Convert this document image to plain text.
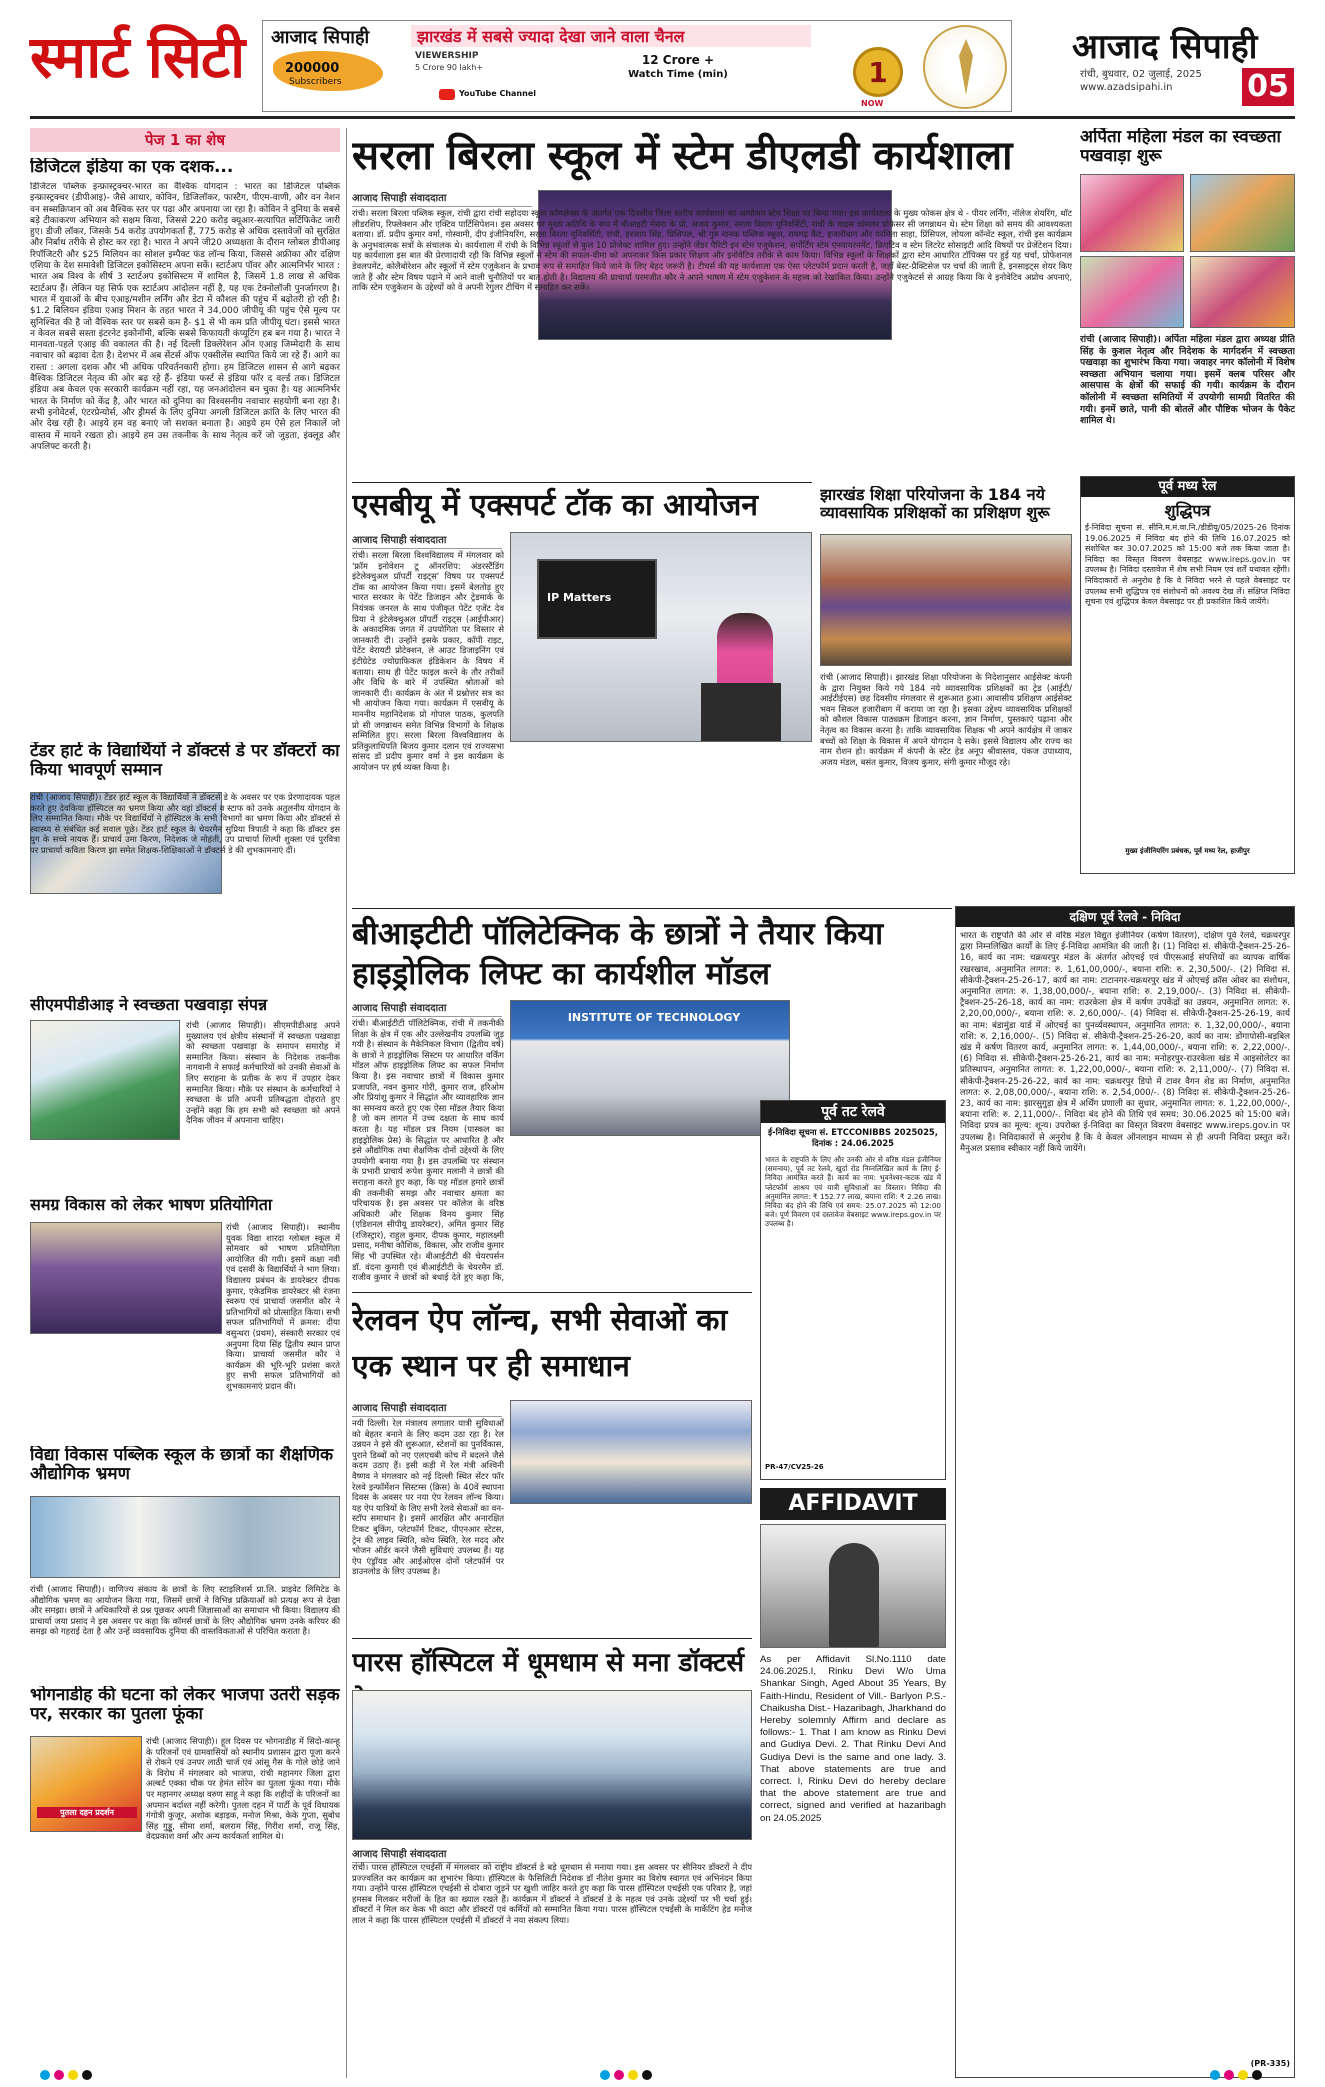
स्मार्ट सिटी	आजाद सिपाही	झारखंड में सबसे ज्यादा देखा जाने वाला चैनल
200000
Subscribers
VIEWERSHIP
5 Crore 90 lakh+
12 Crore +
Watch Time (min)
YouTube Channel
1
NOW
आजाद सिपाही
रांची, बुधवार, 02 जुलाई, 2025
www.azadsipahi.in	05
पेज 1 का शेष
डिजिटल इंडिया का एक दशक...
डिजिटल पब्लिक इन्फ्रास्ट्रक्चर-भारत का वैश्विक योगदान : भारत का डिजिटल पब्लिक इन्फ्रास्ट्रक्चर (डीपीआइ)- जैसे आधार, कोविन, डिजिलॉकर, फास्टैग, पीएम-वाणी, और वन नेशन वन सब्सक्रिप्शन को अब वैश्विक स्तर पर पढ़ा और अपनाया जा रहा है। कोविन ने दुनिया के सबसे बड़े टीकाकरण अभियान को सक्षम किया, जिससे 220 करोड़ क्यूआर-सत्यापित सर्टिफिकेट जारी हुए। डीजी लॉकर, जिसके 54 करोड़ उपयोगकर्ता हैं, 775 करोड़ से अधिक दस्तावेजों को सुरक्षित और निर्बाध तरीके से होस्ट कर रहा है। भारत ने अपने जी20 अध्यक्षता के दौरान ग्लोबल डीपीआइ रिपॉजिटरी और $25 मिलियन का सोशल इम्पैक्ट फंड लॉन्च किया, जिससे अफ्रीका और दक्षिण एशिया के देश समावेशी डिजिटल इकोसिस्टम अपना सकें। स्टार्टअप पॉवर और आत्मनिर्भर भारत : भारत अब विश्व के शीर्ष 3 स्टार्टअप इकोसिस्टम में शामिल है, जिसमें 1.8 लाख से अधिक स्टार्टअप हैं। लेकिन यह सिर्फ एक स्टार्टअप आंदोलन नहीं है, यह एक टेक्नोलॉजी पुनर्जागरण है। भारत में युवाओं के बीच एआइ/मशीन लर्निंग और डेटा में कौशल की पहुंच में बढ़ोतरी हो रही है। $1.2 बिलियन इंडिया एआइ मिशन के तहत भारत ने 34,000 जीपीयू की पहुंच ऐसे मूल्य पर सुनिश्चित की है जो वैश्विक स्तर पर सबसे कम है- $1 से भी कम प्रति जीपीयू घंटा। इससे भारत न केवल सबसे सस्ता इंटरनेट इकोनॉमी, बल्कि सबसे किफायती कंप्यूटिंग हब बन गया है। भारत ने मानवता-पहले एआइ की वकालत की है। नई दिल्ली डिक्लेरेशन ऑन एआइ जिम्मेदारी के साथ नवाचार को बढ़ावा देता है। देशभर में अब सेंटर्स ऑफ एक्सीलेंस स्थापित किये जा रहे हैं। आगे का रास्ता : अगला दशक और भी अधिक परिवर्तनकारी होगा। हम डिजिटल शासन से आगे बढ़कर वैश्विक डिजिटल नेतृत्व की ओर बढ़ रहे हैं- इंडिया फर्स्ट से इंडिया फॉर द वर्ल्ड तक। डिजिटल इंडिया अब केवल एक सरकारी कार्यक्रम नहीं रहा, यह जनआंदोलन बन चुका है। यह आत्मनिर्भर भारत के निर्माण को केंद्र है, और भारत को दुनिया का विश्वसनीय नवाचार सहयोगी बना रहा है। सभी इनोवेटर्स, एंटरप्रेन्योर्स, और ड्रीमर्स के लिए दुनिया अगली डिजिटल क्रांति के लिए भारत की ओर देख रही है। आइये हम वह बनाएं जो सशक्त बनाता है। आइये हम ऐसे हल निकालें जो वास्तव में मायने रखता हो। आइये हम उस तकनीक के साथ नेतृत्व करें जो जुड़ता, इंक्लूड और अपलिफ्ट करती है।
टेंडर हार्ट के विद्यार्थियों ने डॉक्टर्स डे पर डॉक्टरों का किया भावपूर्ण सम्मान
रांची (आजाद सिपाही)। टेंडर हार्ट स्कूल के विद्यार्थियों ने डॉक्टर्स डे के अवसर पर एक प्रेरणादायक पहल करते हुए देवकिया हॉस्पिटल का भ्रमण किया और वहां डॉक्टर्स व स्टाफ को उनके अतुलनीय योगदान के लिए सम्मानित किया। मौके पर विद्यार्थियों ने हॉस्पिटल के सभी विभागों का भ्रमण किया और डॉक्टर्स से स्वास्थ्य से संबंधित कई सवाल पूछे। टेंडर हार्ट स्कूल के चेयरमैन सुप्रिया त्रिपाठी ने कहा कि डॉक्टर इस युग के सच्चे नायक हैं। प्राचार्य उमा किरण, निदेशक जे मोहंती, उप प्राचार्या शिल्पी शुक्ला एवं पुरवित्रा पर प्राचार्या कविता किरण झा समेत शिक्षक-शिक्षिकाओं ने डॉक्टर्स डे की शुभकामनाएं दीं।
सीएमपीडीआइ ने स्वच्छता पखवाड़ा संपन्न
रांची (आजाद सिपाही)। सीएमपीडीआइ अपने मुख्यालय एवं क्षेत्रीय संस्थानों में स्वच्छता पखवाड़ा को स्वच्छता पखवाड़ा के समापन समारोह में सम्मानित किया। संस्थान के निदेशक तकनीक नागवानी ने सफाई कर्मचारियों को उनकी सेवाओं के लिए सराहना के प्रतीक के रूप में उपहार देकर सम्मानित किया। मौके पर संस्थान के कर्मचारियों ने स्वच्छता के प्रति अपनी प्रतिबद्धता दोहराते हुए उन्होंने कहा कि हम सभी को स्वच्छता को अपने दैनिक जीवन में अपनाना चाहिए।
समग्र विकास को लेकर भाषण प्रतियोगिता
रांची (आजाद सिपाही)। स्थानीय युवक विद्या शारदा ग्लोबल स्कूल में सोमवार को भाषण प्रतियोगिता आयोजित की गयी। इसमें कक्षा नवी एवं दसवीं के विद्यार्थियों ने भाग लिया। विद्यालय प्रबंधन के डायरेक्टर दीपक कुमार, एकेडमिक डायरेक्टर श्री रंजना स्वरूप एवं प्राचार्या जसमीत कौर ने प्रतिभागियों को प्रोत्साहित किया। सभी सफल प्रतिभागियों में क्रमश: दीया वसुन्धरा (प्रथम), संस्कारी सरकार एवं अनुपमा दिया सिंह द्वितीय स्थान प्राप्त किया। प्राचार्या जसमीत कौर ने कार्यक्रम की भूरि-भूरि प्रशंसा करते हुए सभी सफल प्रतिभागियों को शुभकामनाएं प्रदान कीं।
विद्या विकास पब्लिक स्कूल के छात्रों का शैक्षणिक औद्योगिक भ्रमण
रांची (आजाद सिपाही)। वाणिज्य संकाय के छात्रों के लिए स्टाइलिशर्स प्रा.लि. प्राइवेट लिमिटेड के औद्योगिक भ्रमण का आयोजन किया गया, जिसमें छात्रों ने विभिन्न प्रक्रियाओं को प्रत्यक्ष रूप से देखा और समझा। छात्रों ने अधिकारियों से प्रश्न पूछकर अपनी जिज्ञासाओं का समाधान भी किया। विद्यालय की प्राचार्या जया प्रसाद ने इस अवसर पर कहा कि कॉमर्स छात्रों के लिए औद्योगिक भ्रमण उनके करियर की समझ को गहराई देता है और उन्हें व्यवसायिक दुनिया की वास्तविकताओं से परिचित कराता है।
भोगनाडीह की घटना को लेकर भाजपा उतरी सड़क पर, सरकार का पुतला फूंका
पुतला दहन प्रदर्शन
रांची (आजाद सिपाही)। हूल दिवस पर भोगनाडीह में सिदो-कान्हू के परिजनों एवं ग्रामवासियों को स्थानीय प्रशासन द्वारा पूजा करने से रोकने एवं उनपर लाठी चार्ज एवं आंसू गैस के गोले छोड़े जाने के विरोध में मंगलवार को भाजपा, रांची महानगर जिला द्वारा अल्बर्ट एक्का चौक पर हेमंत सोरेन का पुतला फूंका गया। मौके पर महानगर अध्यक्ष वरुण साहू ने कहा कि शहीदों के परिजनों का अपमान बर्दाश्त नहीं करेगी। पुतला दहन में पार्टी के पूर्व विधायक गंगोत्री कुजूर, अशोक बड़ाइक, मनोज मिश्रा, केके गुप्ता, सुबोध सिंह गुड्डू, सीमा शर्मा, बलराम सिंह, गिरीश शर्मा, राजू सिंह, वेदप्रकाश वर्मा और अन्य कार्यकर्ता शामिल थे।
सरला बिरला स्कूल में स्टेम डीएलडी कार्यशाला
आजाद सिपाही संवाददाता
रांची। सरला बिरला पब्लिक स्कूल, रांची द्वारा रांची सहोदया स्कूल कॉम्प्लेक्स के अंतर्गत एक दिवसीय जिला स्तरीय कार्यशाला का आयोजन स्टेम शिक्षा पर किया गया। इस कार्यशाला के मुख्य फोकस क्षेत्र थे - पीयर लर्निंग, नॉलेज शेयरिंग, थॉट लीडरशिप, रिफ्लेक्शन और एक्टिव पार्टिसिपेशन। इस अवसर पर मुख्य अतिथि के रूप में बीआइटी मेसरा के प्रो. अजय कुमार, सरला बिरला यूनिवर्सिटी, रांची के वाइस चांसलर प्रोफेसर सी जगन्नाथन थे। स्टेम शिक्षा को समय की आवश्यकता बताया। डॉ. प्रदीप कुमार वर्मा, गोस्वामी, दीप इंजीनियरिंग, सरला बिरला यूनिवर्सिटी, रांची, हरजाप सिंह, प्रिंसिपल, श्री गुरु नानक पब्लिक स्कूल, रामगढ़ कैंट, हजारीबाग और परमिता साहा, प्रिंसिपल, लोयला कॉन्वेंट स्कूल, रांची इस कार्यक्रम के अनुभवात्मक सत्रों के संचालक थे। कार्यशाला में रांची के विभिन्न स्कूलों से कुल 10 प्रोजेक्ट शामिल हुए। उन्होंने जेंडर पैरिटी इन स्टेम एजुकेशन, सर्पोर्टिंग स्टेम एनवायरनमेंट, क्रिएटिव व स्टेम लिटरेट सोसाइटी आदि विषयों पर प्रेजेंटेशन दिया। यह कार्यशाला इस बात की प्रेरणादायी रही कि विभिन्न स्कूलों ने स्टेम की सफल-वीमा को अपनाकर किस प्रकार शिक्षण और इनोवेटिव तरीके से काम किया। विभिन्न स्कूलों के शिक्षकों द्वारा स्टेम आधारित टॉपिक्स पर हुई यह चर्चा, प्रोफेशनल डेवलपमेंट, कोलैबोरेशन और स्कूलों में स्टेम एजुकेशन के प्रभाव रूप से समाहित किये जाने के लिए बेहद जरूरी है। टीचर्स की यह कार्यशाला एक ऐसा प्लेटफॉर्म प्रदान करती है, जहाँ बेस्ट-प्रैक्टिसेज पर चर्चा की जाती है, इनसाइट्स शेयर किए जाते हैं और स्टेम विषय पढ़ाने में आने वाली चुनौतियों पर बात होती है। विद्यालय की प्राचार्या परमजीत कौर ने अपने भाषण में स्टेम एजुकेशन के महत्त्व को रेखांकित किया। उन्होंने एजुकेटर्स से आग्रह किया कि वे इनोवेटिव अप्रोच अपनाएं, ताकि स्टेम एजुकेशन के उद्देश्यों को वे अपनी रेगुलर टीचिंग में समाहित कर सकें।
अर्पिता महिला मंडल का स्वच्छता पखवाड़ा शुरू
रांची (आजाद सिपाही)। अर्पिता महिला मंडल द्वारा अध्यक्ष प्रीति सिंह के कुशल नेतृत्व और निदेशक के मार्गदर्शन में स्वच्छता पखवाड़ा का शुभारंभ किया गया। जवाहर नगर कॉलोनी में विशेष स्वच्छता अभियान चलाया गया। इसमें क्लब परिसर और आसपास के क्षेत्रों की सफाई की गयी। कार्यक्रम के दौरान कॉलोनी में स्वच्छता समितियों में उपयोगी सामग्री वितरित की गयी। इनमें छाते, पानी की बोतलें और पौष्टिक भोजन के पैकेट शामिल थे।
एसबीयू में एक्सपर्ट टॉक का आयोजन
आजाद सिपाही संवाददाता
IP Matters
रांची। सरला बिरला विश्वविद्यालय में मंगलवार को 'फ्रॉम इनोवेशन टू ऑनरशिप: अंडरस्टैंडिंग इंटेलेक्चुअल प्रॉपर्टी राइट्स' विषय पर एक्सपर्ट टॉक का आयोजन किया गया। इसमें बेलतोड़ हुए भारत सरकार के पेटेंट डिजाइन और ट्रेडमार्क के नियंत्रक जनरल के साथ पंजीकृत पेटेंट एजेंट देव प्रिया ने इंटेलेक्चुअल प्रॉपर्टी राइट्स (आईपीआर) के अकादमिक जगत में उपयोगिता पर विस्तार से जानकारी दी। उन्होंने इसके प्रकार, कॉपी राइट, पेटेंट वेरायटी प्रोटेक्शन, ले आउट डिजाइनिंग एवं इंटीग्रेटेड ज्योग्राफिकल इंडिकेशन के विषय में बताया। साथ ही पेटेंट फाइल करने के तौर तरीकों और विधि के बारे में उपस्थित श्रोताओं को जानकारी दी। कार्यक्रम के अंत में प्रश्नोत्तर सत्र का भी आयोजन किया गया। कार्यक्रम में एसबीयू के माननीय महानिदेशक प्रो गोपाल पाठक, कुलपति प्रो सी जगन्नाथन समेत विभिन्न विभागों के शिक्षक सम्मिलित हुए। सरला बिरला विश्वविद्यालय के प्रतिकुलाधिपति बिजय कुमार दलान एवं राज्यसभा सांसद डॉ प्रदीप कुमार वर्मा ने इस कार्यक्रम के आयोजन पर हर्ष व्यक्त किया है।
झारखंड शिक्षा परियोजना के 184 नये व्यावसायिक प्रशिक्षकों का प्रशिक्षण शुरू
रांची (आजाद सिपाही)। झारखंड शिक्षा परियोजना के निदेशानुसार आईसेक्ट कंपनी के द्वारा नियुक्त किये गये 184 नये व्यावसायिक प्रशिक्षकों का ट्रेड (आईटी/आईटीईएस) छह दिवसीय मंगलवार से शुरूआत हुआ। आवासीय प्रशिक्षण आईसेक्ट भवन सिकल हजारीबाग में कराया जा रहा है। इसका उद्देश्य व्यावसायिक प्रशिक्षकों को कौशल विकास पाठ्यक्रम डिजाइन करना, ज्ञान निर्माण, पुस्तकाएं पढ़ाना और नेतृत्व का विकास करना है। ताकि व्यावसायिक शिक्षक भी अपने कार्यक्षेत्र में जाकर बच्चों को शिक्षा के विकास में अपने योगदान दे सके। इससे विद्यालय और राज्य का नाम रोशन हो। कार्यक्रम में कंपनी के स्टेट हेड अनूप श्रीवास्तव, पंकज उपाध्याय, अजय मंडल, बसंत कुमार, विजय कुमार, संगी कुमार मौजूद रहे।
पूर्व मध्य रेल
शुद्धिपत्र
ई-निविदा सूचना सं. सीनि.म.मं.वा.नि./डीडीयू/05/2025-26 दिनांक 19.06.2025 में निविदा बंद होने की तिथि 16.07.2025 को संशोधित कर 30.07.2025 को 15:00 बजे तक किया जाता है। निविदा का विस्तृत विवरण वेबसाइट www.ireps.gov.in पर उपलब्ध है। निविदा दस्तावेज में शेष सभी नियम एवं शर्तें यथावत रहेंगी। निविदाकारों से अनुरोध है कि वे निविदा भरने से पहले वेबसाइट पर उपलब्ध सभी शुद्धिपत्र एवं संशोधनों को अवश्य देख लें। संक्षिप्त निविदा सूचना एवं शुद्धिपत्र केवल वेबसाइट पर ही प्रकाशित किये जायेंगे।
मुख्य इंजीनियरिंग प्रबंधक, पूर्व मध्य रेल, हाजीपुर
बीआइटीटी पॉलिटेक्निक के छात्रों ने तैयार किया हाइड्रोलिक लिफ्ट का कार्यशील मॉडल
आजाद सिपाही संवाददाता
INSTITUTE OF TECHNOLOGY
रांची। बीआईटीटी पॉलिटेक्निक, रांची में तकनीकी शिक्षा के क्षेत्र में एक और उल्लेखनीय उपलब्धि जुड़ गयी है। संस्थान के मैकेनिकल विभाग (द्वितीय वर्ष) के छात्रों ने हाइड्रोलिक सिस्टम पर आधारित वर्किंग मॉडल ऑफ हाइड्रोलिक लिफ्ट का सफल निर्माण किया है। इस नवाचार छात्रों में विकास कुमार प्रजापति, नवन कुमार गोरी, कुमार राज, हरिओम और प्रियांशु कुमार ने सिद्धांत और व्यावहारिक ज्ञान का समन्वय करते हुए एक ऐसा मॉडल तैयार किया है जो कम लागत में उच्च दक्षता के साथ कार्य करता है। यह मॉडल प्रत्र नियम (पास्कल का हाइड्रोलिक प्रेस) के सिद्धांत पर आधारित है और इसे औद्योगिक तथा शैक्षणिक दोनों उद्देश्यों के लिए उपयोगी बनाया गया है। इस उपलब्धि पर संस्थान के प्रभारी प्राचार्य रूपेश कुमार मलानी ने छात्रों की सराहना करते हुए कहा, कि यह मॉडल हमारे छात्रों की तकनीकी समझ और नवाचार क्षमता का परिचायक है। इस अवसर पर कॉलेज के वरिष्ठ अधिकारी और शिक्षक विनय कुमार सिंह (एडिशनल सीपीयू डायरेक्टर), अमित कुमार सिंह (रजिस्ट्रार), राहुल कुमार, दीपक कुमार, महालक्ष्मी प्रसाद, मनीषा कौशिक, विकास, और राजीव कुमार सिंह भी उपस्थित रहे। बीआईटीटी की चेयरपर्सन डॉ. वंदना कुमारी एवं बीआईटीटी के चेयरमैन डॉ. राजीव कुमार ने छात्रों को बधाई देते हुए कहा कि,
पूर्व तट रेलवे
ई-निविदा सूचना सं. ETCCONIBBS 2025025, दिनांक : 24.06.2025
भारत के राष्ट्रपति के लिए और उनकी ओर से वरिष्ठ मंडल इंजीनियर (समन्वय), पूर्व तट रेलवे, खुर्दा रोड निम्नलिखित कार्य के लिए ई-निविदा आमंत्रित करते हैं। कार्य का नाम: भुवनेश्वर-कटक खंड में प्लेटफॉर्म आश्रय एवं यात्री सुविधाओं का विस्तार। निविदा की अनुमानित लागत: ₹ 152.77 लाख, बयाना राशि: ₹ 2.26 लाख। निविदा बंद होने की तिथि एवं समय: 25.07.2025 को 12:00 बजे। पूर्ण विवरण एवं दस्तावेज वेबसाइट www.ireps.gov.in पर उपलब्ध है।
PR-47/CV25-26
रेलवन ऐप लॉन्च, सभी सेवाओं का एक स्थान पर ही समाधान
आजाद सिपाही संवाददाता
नयी दिल्ली। रेल मंत्रालय लगातार यात्री सुविधाओं को बेहतर बनाने के लिए कदम उठा रहा है। रेल उन्नयन ने इसे की शुरूआत, स्टेशनों का पुनर्विकास, पुराने डिब्बों को नए एलएचबी कोच में बदलने जैसे कदम उठाए हैं। इसी कड़ी में रेल मंत्री अश्विनी वैष्णव ने मंगलवार को नई दिल्ली स्थित सेंटर फॉर रेलवे इन्फॉर्मेशन सिस्टम्स (क्रिस) के 40वें स्थापना दिवस के अवसर पर नया ऐप रेलवन लॉन्च किया। यह ऐप यात्रियों के लिए सभी रेलवे सेवाओं का वन-स्टॉप समाधान है। इसमें आरक्षित और अनारक्षित टिकट बुकिंग, प्लेटफॉर्म टिकट, पीएनआर स्टेटस, ट्रेन की लाइव स्थिति, कोच स्थिति, रेल मदद और भोजन ऑर्डर करने जैसी सुविधाएं उपलब्ध हैं। यह ऐप एंड्रॉयड और आईओएस दोनों प्लेटफॉर्म पर डाउनलोड के लिए उपलब्ध है।
पारस हॉस्पिटल में धूमधाम से मना डॉक्टर्स
आजाद सिपाही संवाददाता
रांची। पारस हॉस्पिटल एचईसी में मंगलवार को राष्ट्रीय डॉक्टर्स डे बड़े धूमधाम से मनाया गया। इस अवसर पर सीनियर डॉक्टरों ने दीप प्रज्ज्वलित कर कार्यक्रम का शुभारंभ किया। हॉस्पिटल के फैसिलिटी निदेशक डॉ नीतेश कुमार का विशेष स्वागत एवं अभिनंदन किया गया। उन्होंने पारस हॉस्पिटल एचईसी से दोबारा जुड़ने पर खुशी जाहिर करते हुए कहा कि पारस हॉस्पिटल एचईसी एक परिवार है, जहां हमसब मिलकर मरीजों के हित का ख्याल रखते हैं। कार्यक्रम में डॉक्टर्स ने डॉक्टर्स डे के महत्व एवं उनके उद्देश्यों पर भी चर्चा हुई। डॉक्टरों ने मिल कर केक भी काटा और डॉक्टरों एवं कर्मियों को सम्मानित किया गया। पारस हॉस्पिटल एचईसी के मार्केटिंग हेड मनोज लाल ने कहा कि पारस हॉस्पिटल एचईसी में डॉक्टरों ने नया संकल्प लिया।
AFFIDAVIT
As per Affidavit Sl.No.1110 date 24.06.2025.I, Rinku Devi W/o Uma Shankar Singh, Aged About 35 Years, By Faith-Hindu, Resident of Vill.- Barlyon P.S.- Chaikusha Dist.- Hazaribagh, Jharkhand do Hereby solemnly Affirm and declare as follows:- 1. That I am know as Rinku Devi and Gudiya Devi. 2. That Rinku Devi And Gudiya Devi is the same and one lady. 3. That above statements are true and correct. I, Rinku Devi do hereby declare that the above statement are true and correct, signed and verified at hazaribagh on 24.05.2025
दक्षिण पूर्व रेलवे - निविदा
भारत के राष्ट्रपति की ओर से वरिष्ठ मंडल विद्युत इंजीनियर (कर्षण वितरण), दक्षिण पूर्व रेलवे, चक्रधरपुर द्वारा निम्नलिखित कार्यों के लिए ई-निविदा आमंत्रित की जाती है। (1) निविदा सं. सीकेपी-ट्रैक्शन-25-26-16, कार्य का नाम: चक्रधरपुर मंडल के अंतर्गत ओएचई एवं पीएसआई संपत्तियों का व्यापक वार्षिक रखरखाव, अनुमानित लागत: रु. 1,61,00,000/-, बयाना राशि: रु. 2,30,500/-. (2) निविदा सं. सीकेपी-ट्रैक्शन-25-26-17, कार्य का नाम: टाटानगर-चक्रधरपुर खंड में ओएचई क्रॉस ओवर का संशोधन, अनुमानित लागत: रु. 1,38,00,000/-, बयाना राशि: रु. 2,19,000/-. (3) निविदा सं. सीकेपी-ट्रैक्शन-25-26-18, कार्य का नाम: राउरकेला क्षेत्र में कर्षण उपकेंद्रों का उन्नयन, अनुमानित लागत: रु. 2,20,00,000/-, बयाना राशि: रु. 2,60,000/-. (4) निविदा सं. सीकेपी-ट्रैक्शन-25-26-19, कार्य का नाम: बंडामुंडा यार्ड में ओएचई का पुनर्व्यवस्थापन, अनुमानित लागत: रु. 1,32,00,000/-, बयाना राशि: रु. 2,16,000/-. (5) निविदा सं. सीकेपी-ट्रैक्शन-25-26-20, कार्य का नाम: डोंगापोसी-बड़बिल खंड में कर्षण वितरण कार्य, अनुमानित लागत: रु. 1,44,00,000/-, बयाना राशि: रु. 2,22,000/-. (6) निविदा सं. सीकेपी-ट्रैक्शन-25-26-21, कार्य का नाम: मनोहरपुर-राउरकेला खंड में आइसोलेटर का प्रतिस्थापन, अनुमानित लागत: रु. 1,22,00,000/-, बयाना राशि: रु. 2,11,000/-. (7) निविदा सं. सीकेपी-ट्रैक्शन-25-26-22, कार्य का नाम: चक्रधरपुर डिपो में टावर वैगन शेड का निर्माण, अनुमानित लागत: रु. 2,08,00,000/-, बयाना राशि: रु. 2,54,000/-. (8) निविदा सं. सीकेपी-ट्रैक्शन-25-26-23, कार्य का नाम: झारसुगुड़ा क्षेत्र में अर्थिंग प्रणाली का सुधार, अनुमानित लागत: रु. 1,22,00,000/-, बयाना राशि: रु. 2,11,000/-. निविदा बंद होने की तिथि एवं समय: 30.06.2025 को 15:00 बजे। निविदा प्रपत्र का मूल्य: शून्य। उपरोक्त ई-निविदा का विस्तृत विवरण वेबसाइट www.ireps.gov.in पर उपलब्ध है। निविदाकारों से अनुरोध है कि वे केवल ऑनलाइन माध्यम से ही अपनी निविदा प्रस्तुत करें। मैनुअल प्रस्ताव स्वीकार नहीं किये जायेंगे।
(PR-335)
